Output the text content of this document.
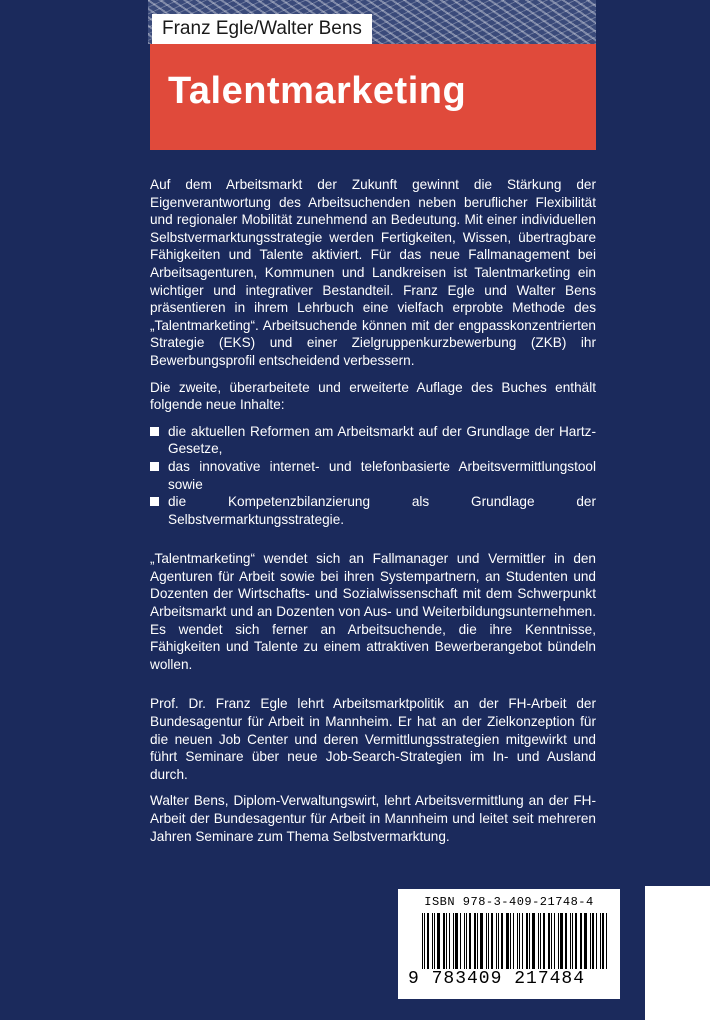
Franz Egle/Walter Bens
Talentmarketing

Auf dem Arbeitsmarkt der Zukunft gewinnt die Stärkung der Eigenverantwortung des Arbeitsuchenden neben beruflicher Flexibilität und regionaler Mobilität zunehmend an Bedeutung. Mit einer individuellen Selbstvermarktungsstrategie werden Fertigkeiten, Wissen, übertragbare Fähigkeiten und Talente aktiviert. Für das neue Fallmanagement bei Arbeitsagenturen, Kommunen und Landkreisen ist Talentmarketing ein wichtiger und integrativer Bestandteil. Franz Egle und Walter Bens präsentieren in ihrem Lehrbuch eine vielfach erprobte Methode des „Talentmarketing“. Arbeitsuchende können mit der engpasskonzentrierten Strategie (EKS) und einer Zielgruppenkurzbewerbung (ZKB) ihr Bewerbungsprofil entscheidend verbessern.

Die zweite, überarbeitete und erweiterte Auflage des Buches enthält folgende neue Inhalte:

die aktuellen Reformen am Arbeitsmarkt auf der Grundlage der Hartz-Gesetze,
das innovative internet- und telefonbasierte Arbeitsvermittlungstool sowie
die Kompetenzbilanzierung als Grundlage der Selbstvermarktungsstrategie.

„Talentmarketing“ wendet sich an Fallmanager und Vermittler in den Agenturen für Arbeit sowie bei ihren Systempartnern, an Studenten und Dozenten der Wirtschafts- und Sozialwissenschaft mit dem Schwerpunkt Arbeitsmarkt und an Dozenten von Aus- und Weiterbildungsunternehmen. Es wendet sich ferner an Arbeitsuchende, die ihre Kenntnisse, Fähigkeiten und Talente zu einem attraktiven Bewerberangebot bündeln wollen.

Prof. Dr. Franz Egle lehrt Arbeitsmarktpolitik an der FH-Arbeit der Bundesagentur für Arbeit in Mannheim. Er hat an der Zielkonzeption für die neuen Job Center und deren Vermittlungsstrategien mitgewirkt und führt Seminare über neue Job-Search-Strategien im In- und Ausland durch.

Walter Bens, Diplom-Verwaltungswirt, lehrt Arbeitsvermittlung an der FH-Arbeit der Bundesagentur für Arbeit in Mannheim und leitet seit mehreren Jahren Seminare zum Thema Selbstvermarktung.

ISBN 978-3-409-21748-4
9 783409 217484
